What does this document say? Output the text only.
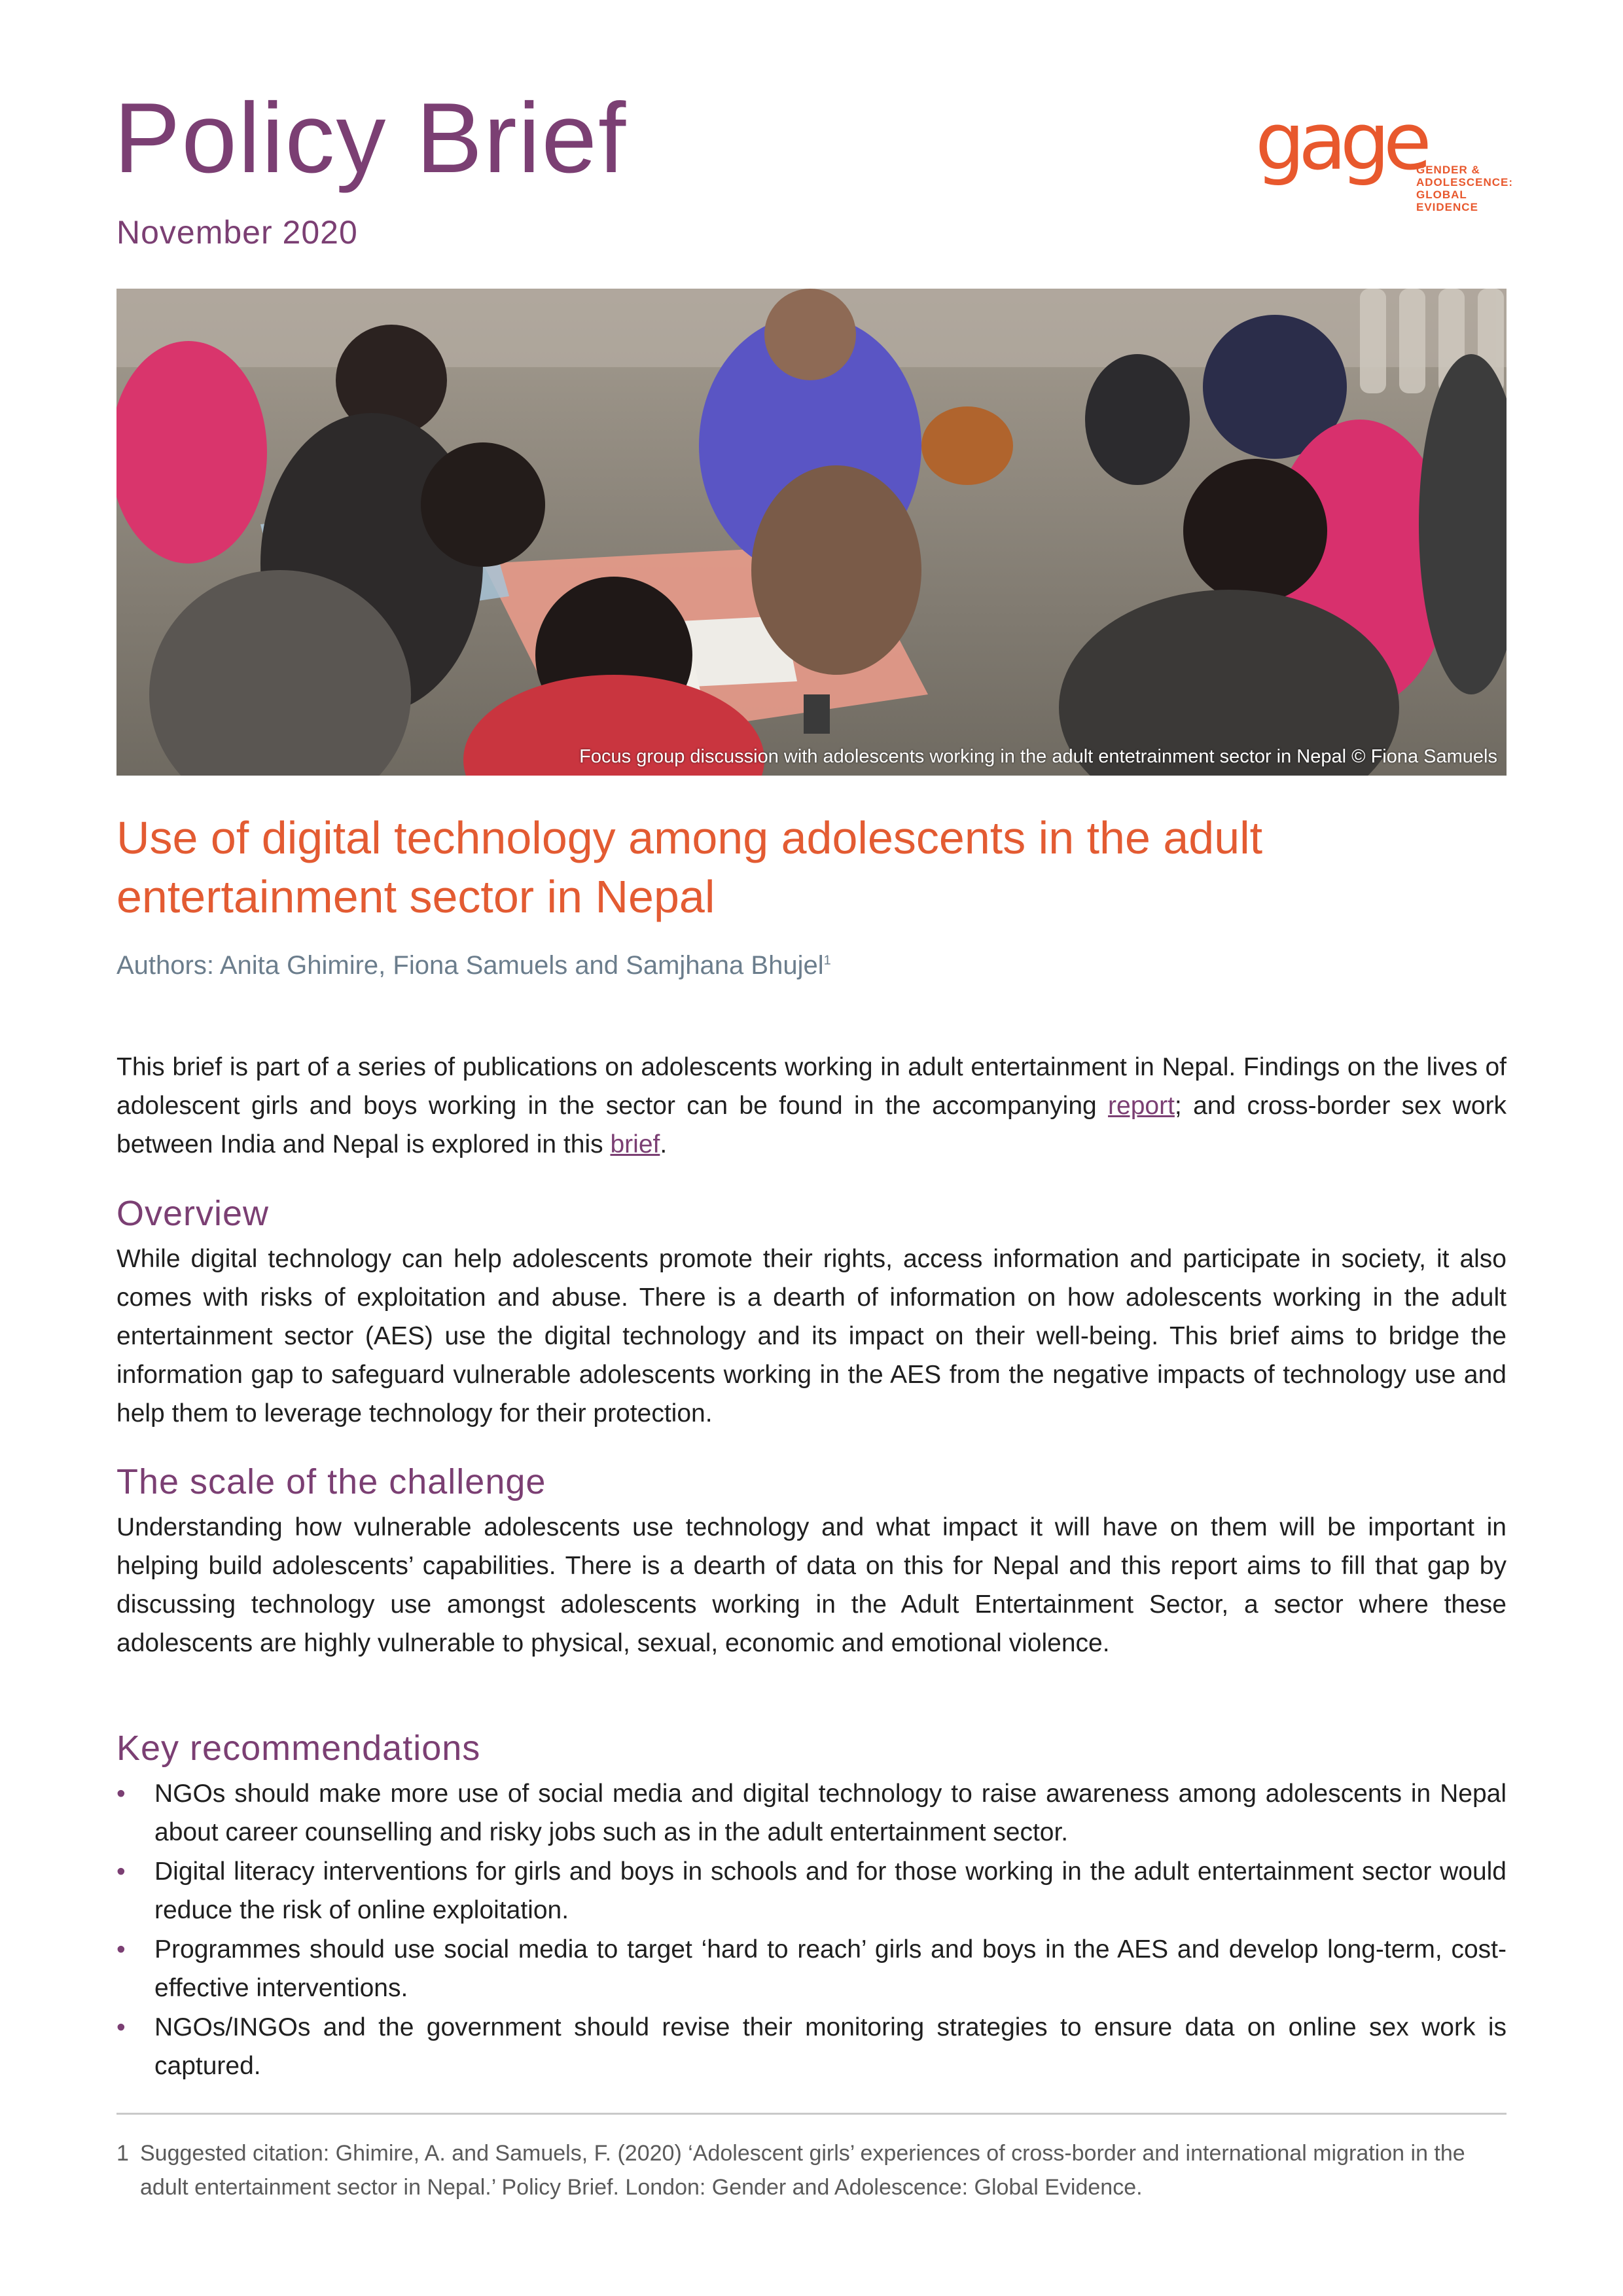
Policy Brief
November 2020
gage
GENDER &
ADOLESCENCE:
GLOBAL
EVIDENCE
Focus group discussion with adolescents working in the adult entetrainment sector in Nepal © Fiona Samuels
Use of digital technology among adolescents in the adult entertainment sector in Nepal
Authors: Anita Ghimire, Fiona Samuels and Samjhana Bhujel$^1$

This brief is part of a series of publications on adolescents working in adult entertainment in Nepal. Findings on the lives of adolescent girls and boys working in the sector can be found in the accompanying report; and cross-border sex work between India and Nepal is explored in this brief.

Overview

While digital technology can help adolescents promote their rights, access information and participate in society, it also comes with risks of exploitation and abuse. There is a dearth of information on how adolescents working in the adult entertainment sector (AES) use the digital technology and its impact on their well-being. This brief aims to bridge the information gap to safeguard vulnerable adolescents working in the AES from the negative impacts of technology use and help them to leverage technology for their protection.

The scale of the challenge

Understanding how vulnerable adolescents use technology and what impact it will have on them will be important in helping build adolescents’ capabilities. There is a dearth of data on this for Nepal and this report aims to fill that gap by discussing technology use amongst adolescents working in the Adult Entertainment Sector, a sector where these adolescents are highly vulnerable to physical, sexual, economic and emotional violence.

Key recommendations
• NGOs should make more use of social media and digital technology to raise awareness among adolescents in Nepal about career counselling and risky jobs such as in the adult entertainment sector.
• Digital literacy interventions for girls and boys in schools and for those working in the adult entertainment sector would reduce the risk of online exploitation.
• Programmes should use social media to target ‘hard to reach’ girls and boys in the AES and develop long-term, cost-effective interventions.
• NGOs/INGOs and the government should revise their monitoring strategies to ensure data on online sex work is captured.
1 Suggested citation: Ghimire, A. and Samuels, F. (2020) ‘Adolescent girls’ experiences of cross-border and international migration in the adult entertainment sector in Nepal.’ Policy Brief. London: Gender and Adolescence: Global Evidence.
